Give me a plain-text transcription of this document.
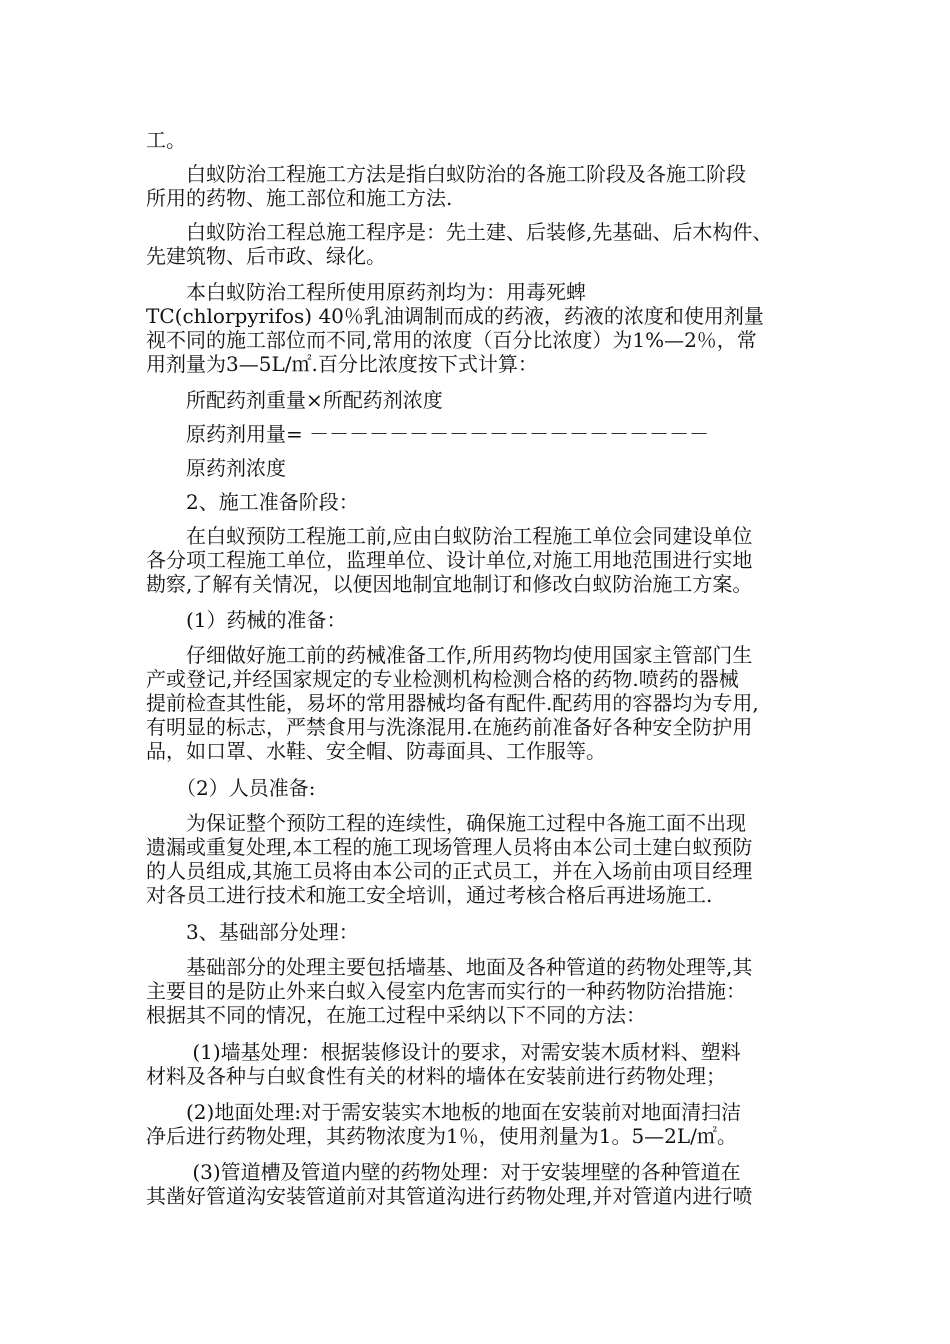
工。
　　白蚁防治工程施工方法是指白蚁防治的各施工阶段及各施工阶段
所用的药物、施工部位和施工方法.
　　白蚁防治工程总施工程序是：先土建、后装修,先基础、后木构件、
先建筑物、后市政、绿化。
　　本白蚁防治工程所使用原药剂均为：用毒死蜱
TC(chlorpyrifos) 40％乳油调制而成的药液，药液的浓度和使用剂量
视不同的施工部位而不同,常用的浓度（百分比浓度）为1%—2％，常
用剂量为3—5L/㎡.百分比浓度按下式计算：
　　所配药剂重量×所配药剂浓度
　　原药剂用量= －－－－－－－－－－－－－－－－－－－－
　　原药剂浓度
　　2、施工准备阶段：
　　在白蚁预防工程施工前,应由白蚁防治工程施工单位会同建设单位
各分项工程施工单位，监理单位、设计单位,对施工用地范围进行实地
勘察,了解有关情况，以便因地制宜地制订和修改白蚁防治施工方案。
　　(1）药械的准备：
　　仔细做好施工前的药械准备工作,所用药物均使用国家主管部门生
产或登记,并经国家规定的专业检测机构检测合格的药物.喷药的器械
提前检查其性能，易坏的常用器械均备有配件.配药用的容器均为专用,
有明显的标志，严禁食用与洗涤混用.在施药前准备好各种安全防护用
品，如口罩、水鞋、安全帽、防毒面具、工作服等。
　　（2）人员准备:
　　为保证整个预防工程的连续性，确保施工过程中各施工面不出现
遗漏或重复处理,本工程的施工现场管理人员将由本公司土建白蚁预防
的人员组成,其施工员将由本公司的正式员工，并在入场前由项目经理
对各员工进行技术和施工安全培训，通过考核合格后再进场施工.
　　3、基础部分处理：
　　基础部分的处理主要包括墙基、地面及各种管道的药物处理等,其
主要目的是防止外来白蚁入侵室内危害而实行的一种药物防治措施：
根据其不同的情况，在施工过程中采纳以下不同的方法：
　　 (1)墙基处理：根据装修设计的要求，对需安装木质材料、塑料
材料及各种与白蚁食性有关的材料的墙体在安装前进行药物处理；
　　(2)地面处理:对于需安装实木地板的地面在安装前对地面清扫洁
净后进行药物处理，其药物浓度为1％，使用剂量为1。5—2L/㎡。
　　 (3)管道槽及管道内壁的药物处理：对于安装埋壁的各种管道在
其凿好管道沟安装管道前对其管道沟进行药物处理,并对管道内进行喷
